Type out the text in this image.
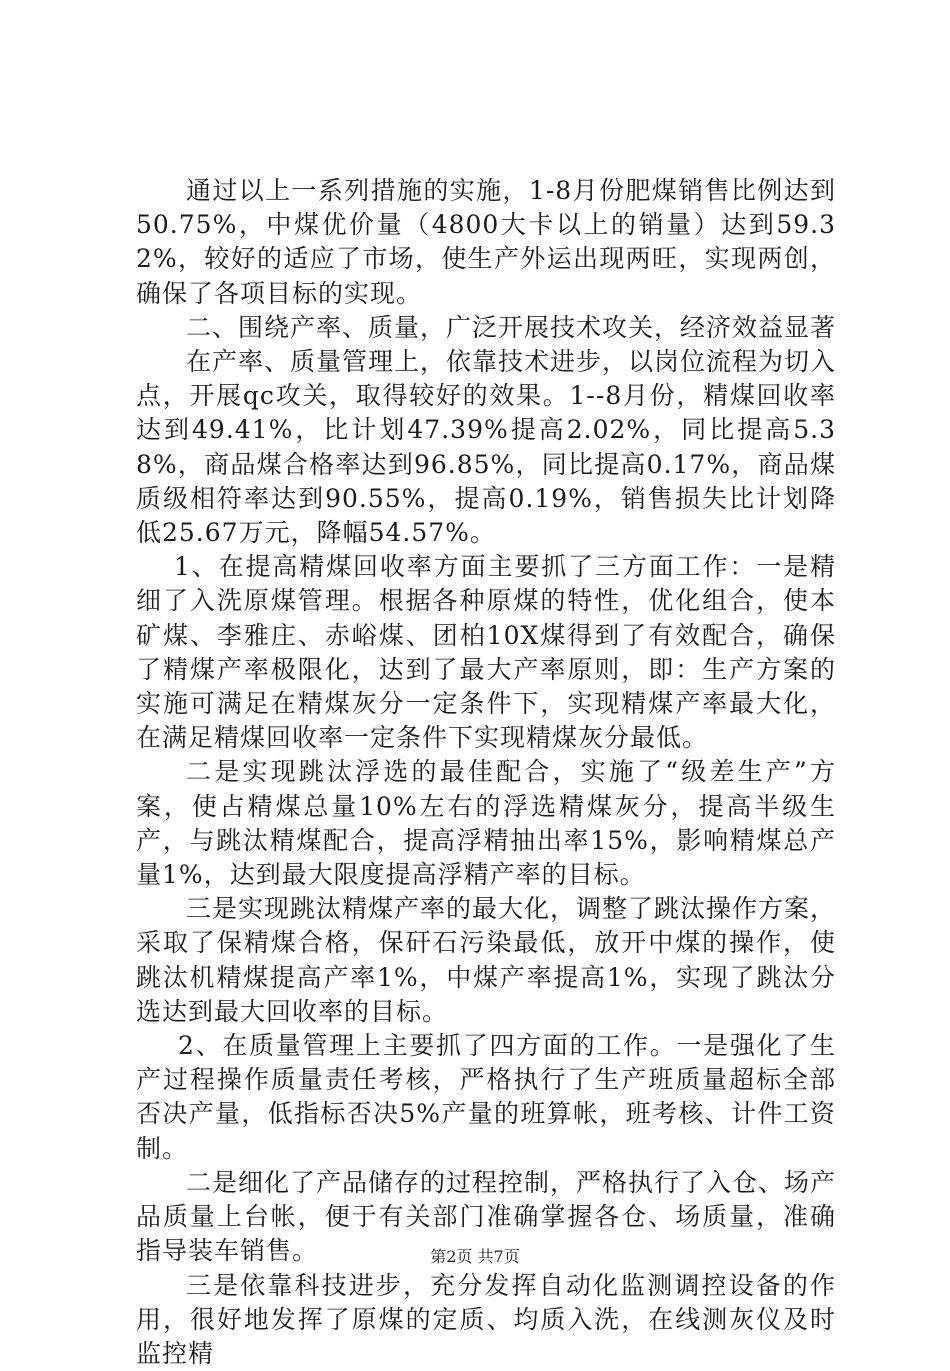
通过以上一系列措施的实施，1-8月份肥煤销售比例达到50.75%，中煤优价量（4800大卡以上的销量）达到59.32%，较好的适应了市场，使生产外运出现两旺，实现两创，确保了各项目标的实现。

二、围绕产率、质量，广泛开展技术攻关，经济效益显著

在产率、质量管理上，依靠技术进步，以岗位流程为切入点，开展qc攻关，取得较好的效果。1--8月份，精煤回收率达到49.41%，比计划47.39%提高2.02%，同比提高5.38%，商品煤合格率达到96.85%，同比提高0.17%，商品煤质级相符率达到90.55%，提高0.19%，销售损失比计划降低25.67万元，降幅54.57%。

1、在提高精煤回收率方面主要抓了三方面工作：一是精细了入洗原煤管理。根据各种原煤的特性，优化组合，使本矿煤、李雅庄、赤峪煤、团柏10X煤得到了有效配合，确保了精煤产率极限化，达到了最大产率原则，即：生产方案的实施可满足在精煤灰分一定条件下，实现精煤产率最大化，在满足精煤回收率一定条件下实现精煤灰分最低。

二是实现跳汰浮选的最佳配合，实施了“级差生产”方案，使占精煤总量10%左右的浮选精煤灰分，提高半级生产，与跳汰精煤配合，提高浮精抽出率15%，影响精煤总产量1%，达到最大限度提高浮精产率的目标。

三是实现跳汰精煤产率的最大化，调整了跳汰操作方案，采取了保精煤合格，保矸石污染最低，放开中煤的操作，使跳汰机精煤提高产率1%，中煤产率提高1%，实现了跳汰分选达到最大回收率的目标。

2、在质量管理上主要抓了四方面的工作。一是强化了生产过程操作质量责任考核，严格执行了生产班质量超标全部否决产量，低指标否决5%产量的班算帐，班考核、计件工资制。

二是细化了产品储存的过程控制，严格执行了入仓、场产品质量上台帐，便于有关部门准确掌握各仓、场质量，准确指导装车销售。

三是依靠科技进步，充分发挥自动化监测调控设备的作用，很好地发挥了原煤的定质、均质入洗，在线测灰仪及时监控精

第2页 共7页
